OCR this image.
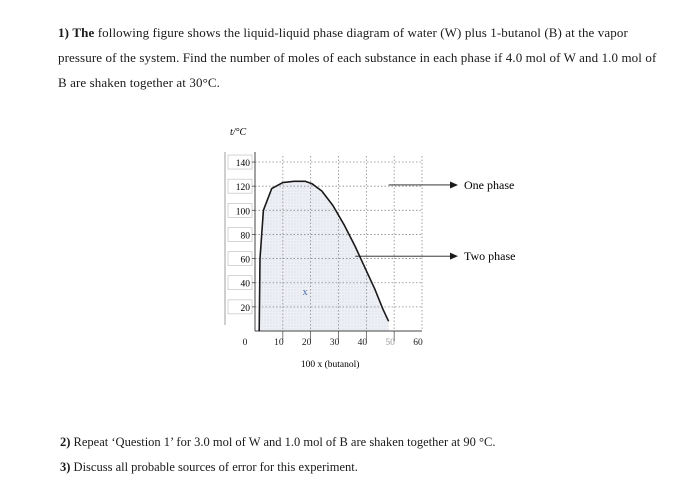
1) The following figure shows the liquid-liquid phase diagram of water (W) plus 1-butanol (B) at the vapor pressure of the system. Find the number of moles of each substance in each phase if 4.0 mol of W and 1.0 mol of B are shaken together at 30°C.
t/°C
140
120
100
80
60
40
20
0	10 20 30 40 50 60
100 x (butanol)
x
One phase
Two phase
2) Repeat ‘Question 1’ for 3.0 mol of W and 1.0 mol of B are shaken together at 90 °C.
3) Discuss all probable sources of error for this experiment.
